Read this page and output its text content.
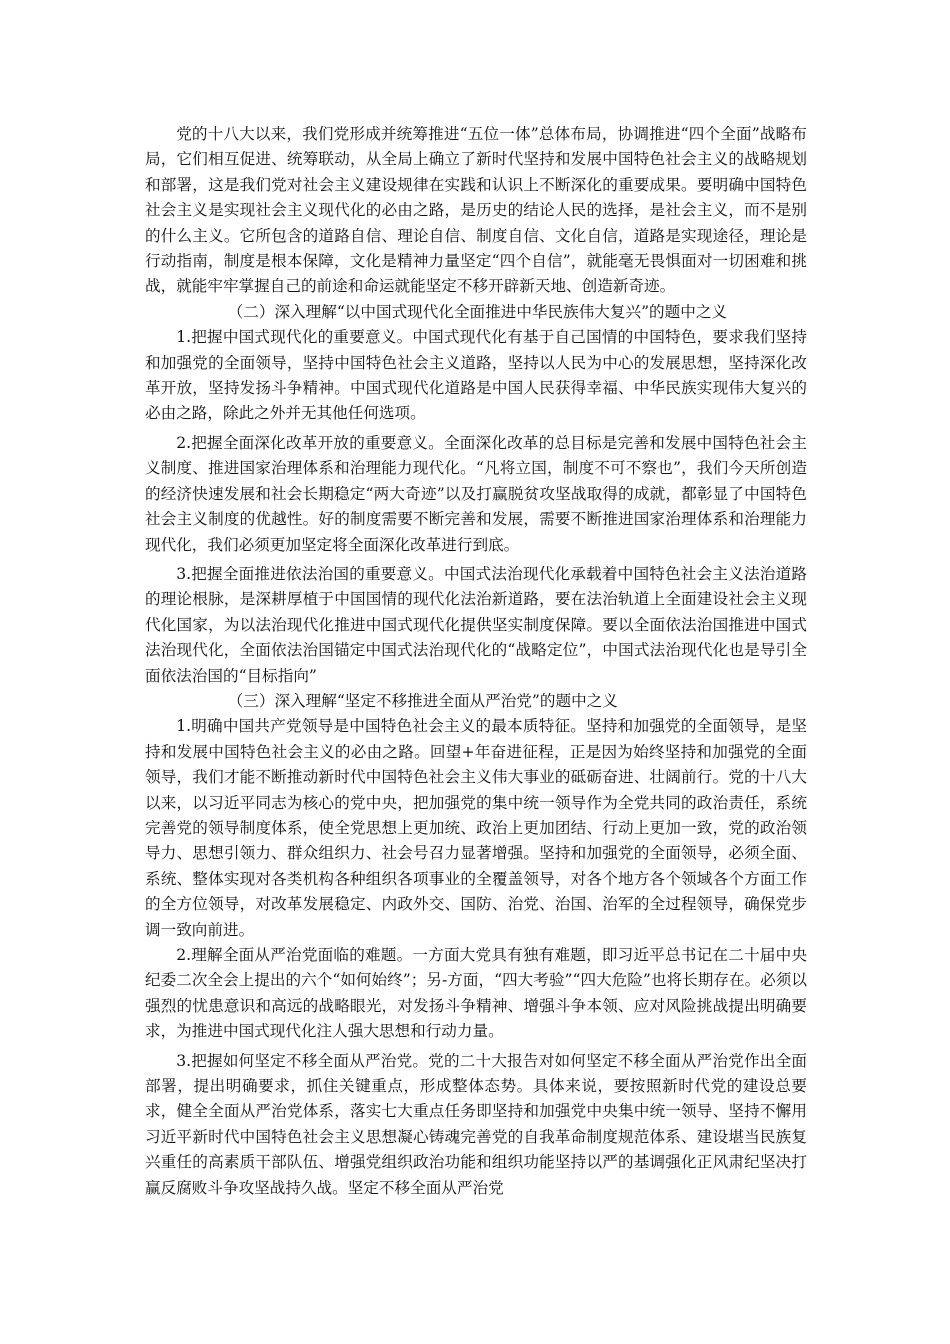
党的十八大以来，我们党形成并统筹推进“五位一体”总体布局，协调推进“四个全面”战略布局，它们相互促进、统筹联动，从全局上确立了新时代坚持和发展中国特色社会主义的战略规划和部署，这是我们党对社会主义建设规律在实践和认识上不断深化的重要成果。要明确中国特色社会主义是实现社会主义现代化的必由之路，是历史的结论人民的选择，是社会主义，而不是别的什么主义。它所包含的道路自信、理论自信、制度自信、文化自信，道路是实现途径，理论是行动指南，制度是根本保障，文化是精神力量坚定“四个自信”，就能毫无畏惧面对一切困难和挑战，就能牢牢掌握自己的前途和命运就能坚定不移开辟新天地、创造新奇迹。

（二）深入理解“以中国式现代化全面推进中华民族伟大复兴”的题中之义

1.把握中国式现代化的重要意义。中国式现代化有基于自己国情的中国特色，要求我们坚持和加强党的全面领导，坚持中国特色社会主义道路，坚持以人民为中心的发展思想，坚持深化改革开放，坚持发扬斗争精神。中国式现代化道路是中国人民获得幸福、中华民族实现伟大复兴的必由之路，除此之外并无其他任何选项。

2.把握全面深化改革开放的重要意义。全面深化改革的总目标是完善和发展中国特色社会主义制度、推进国家治理体系和治理能力现代化。“凡将立国，制度不可不察也”，我们今天所创造的经济快速发展和社会长期稳定“两大奇迹”以及打赢脱贫攻坚战取得的成就，都彰显了中国特色社会主义制度的优越性。好的制度需要不断完善和发展，需要不断推进国家治理体系和治理能力现代化，我们必须更加坚定将全面深化改革进行到底。

3.把握全面推进依法治国的重要意义。中国式法治现代化承载着中国特色社会主义法治道路的理论根脉，是深耕厚植于中国国情的现代化法治新道路，要在法治轨道上全面建设社会主义现代化国家，为以法治现代化推进中国式现代化提供坚实制度保障。要以全面依法治国推进中国式法治现代化，全面依法治国锚定中国式法治现代化的“战略定位”，中国式法治现代化也是导引全面依法治国的“目标指向”

（三）深入理解“坚定不移推进全面从严治党”的题中之义

1.明确中国共产党领导是中国特色社会主义的最本质特征。坚持和加强党的全面领导，是坚持和发展中国特色社会主义的必由之路。回望+年奋进征程，正是因为始终坚持和加强党的全面领导，我们才能不断推动新时代中国特色社会主义伟大事业的砥砺奋进、壮阔前行。党的十八大以来，以习近平同志为核心的党中央，把加强党的集中统一领导作为全党共同的政治责任，系统完善党的领导制度体系，使全党思想上更加统、政治上更加团结、行动上更加一致，党的政治领导力、思想引领力、群众组织力、社会号召力显著增强。坚持和加强党的全面领导，必须全面、系统、整体实现对各类机构各种组织各项事业的全覆盖领导，对各个地方各个领域各个方面工作的全方位领导，对改革发展稳定、内政外交、国防、治党、治国、治军的全过程领导，确保党步调一致向前进。

2.理解全面从严治党面临的难题。一方面大党具有独有难题，即习近平总书记在二十届中央纪委二次全会上提出的六个“如何始终”；另-方面，“四大考验”“四大危险”也将长期存在。必须以强烈的忧患意识和高远的战略眼光，对发扬斗争精神、增强斗争本领、应对风险挑战提出明确要求，为推进中国式现代化注人强大思想和行动力量。

3.把握如何坚定不移全面从严治党。党的二十大报告对如何坚定不移全面从严治党作出全面部署，提出明确要求，抓住关键重点，形成整体态势。具体来说，要按照新时代党的建设总要求，健全全面从严治党体系，落实七大重点任务即坚持和加强党中央集中统一领导、坚持不懈用习近平新时代中国特色社会主义思想凝心铸魂完善党的自我革命制度规范体系、建设堪当民族复兴重任的高素质干部队伍、增强党组织政治功能和组织功能坚持以严的基调强化正风肃纪坚决打赢反腐败斗争攻坚战持久战。坚定不移全面从严治党
